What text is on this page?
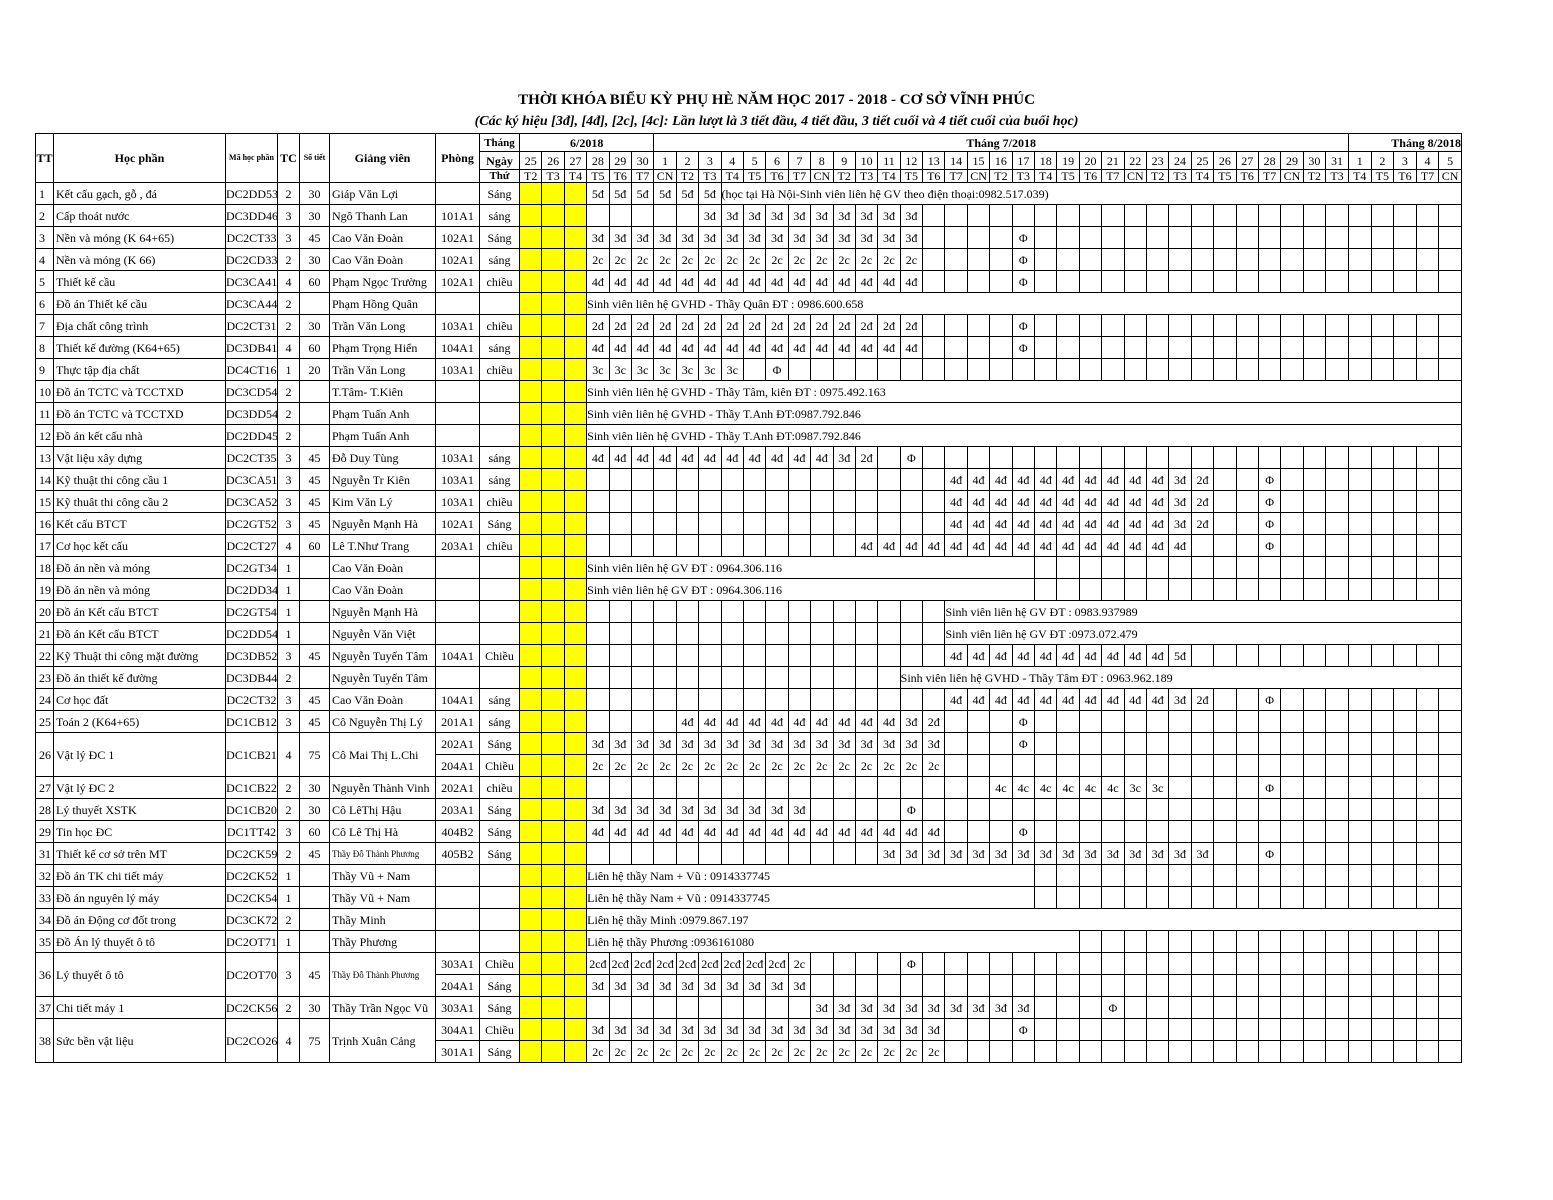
THỜI KHÓA BIỂU KỲ PHỤ HÈ NĂM HỌC 2017 - 2018 - CƠ SỞ VĨNH PHÚC
(Các ký hiệu [3đ], [4đ], [2c], [4c]: Lần lượt là 3 tiết đầu, 4 tiết đầu, 3 tiết cuối và 4 tiết cuối của buổi học)
TT	Học phần	Mã học phần	TC	Số tiết	Giảng viên	Phòng	Tháng	6/2018						Tháng 7/2018																															Tháng 8/2018				
							Ngày	25	26	27	28	29	30	1	2	3	4	5	6	7	8	9	10	11	12	13	14	15	16	17	18	19	20	21	22	23	24	25	26	27	28	29	30	31	1	2	3	4	5
							Thứ	T2	T3	T4	T5	T6	T7	CN	T2	T3	T4	T5	T6	T7	CN	T2	T3	T4	T5	T6	T7	CN	T2	T3	T4	T5	T6	T7	CN	T2	T3	T4	T5	T6	T7	CN	T2	T3	T4	T5	T6	T7	CN
1	Kết cấu gạch, gỗ , đá	DC2DD53	2	30	Giáp Văn Lợi		Sáng				5đ	5đ	5đ	5đ	5đ	5đ	(học tại Hà Nội-Sinh viên liên hệ GV theo điện thoại:0982.517.039)																																
2	Cấp thoát nước	DC3DD46	3	30	Ngô Thanh Lan	101A1	sáng									3đ	3đ	3đ	3đ	3đ	3đ	3đ	3đ	3đ	3đ																								
3	Nền và móng (K 64+65)	DC2CT33	3	45	Cao Văn Đoàn	102A1	Sáng				3đ	3đ	3đ	3đ	3đ	3đ	3đ	3đ	3đ	3đ	3đ	3đ	3đ	3đ	3đ					Φ																			
4	Nền và móng (K 66)	DC2CD33	2	30	Cao Văn Đoàn	102A1	sáng				2c	2c	2c	2c	2c	2c	2c	2c	2c	2c	2c	2c	2c	2c	2c					Φ																			
5	Thiết kế cầu	DC3CA41	4	60	Phạm Ngọc Trường	102A1	chiều				4đ	4đ	4đ	4đ	4đ	4đ	4đ	4đ	4đ	4đ	4đ	4đ	4đ	4đ	4đ					Φ																			
6	Đồ án Thiết kế cầu	DC3CA44	2		Phạm Hồng Quân						Sinh viên liên hệ GVHD - Thầy Quân ĐT : 0986.600.658																																						
7	Địa chất công trình	DC2CT31	2	30	Trần Văn Long	103A1	chiều				2đ	2đ	2đ	2đ	2đ	2đ	2đ	2đ	2đ	2đ	2đ	2đ	2đ	2đ	2đ					Φ																			
8	Thiết kế đường (K64+65)	DC3DB41	4	60	Phạm Trọng Hiển	104A1	sáng				4đ	4đ	4đ	4đ	4đ	4đ	4đ	4đ	4đ	4đ	4đ	4đ	4đ	4đ	4đ					Φ																			
9	Thực tập địa chất	DC4CT16	1	20	Trần Văn Long	103A1	chiều				3c	3c	3c	3c	3c	3c	3c		Φ																														
10	Đồ án TCTC và TCCTXD	DC3CD54	2		T.Tâm- T.Kiên						Sinh viên liên hệ GVHD - Thầy Tâm, kiên ĐT : 0975.492.163																																						
11	Đồ án TCTC và TCCTXD	DC3DD54	2		Phạm Tuấn Anh						Sinh viên liên hệ GVHD - Thầy T.Anh ĐT:0987.792.846																																						
12	Đồ án kết cấu nhà	DC2DD45	2		Phạm Tuấn Anh						Sinh viên liên hệ GVHD - Thầy T.Anh ĐT:0987.792.846																																						
13	Vật liệu xây dựng	DC2CT35	3	45	Đỗ Duy Tùng	103A1	sáng				4đ	4đ	4đ	4đ	4đ	4đ	4đ	4đ	4đ	4đ	4đ	3đ	2đ		Φ																								
14	Kỹ thuật thi công cầu 1	DC3CA51	3	45	Nguyễn Tr Kiên	103A1	sáng																				4đ	4đ	4đ	4đ	4đ	4đ	4đ	4đ	4đ	4đ	3đ	2đ			Φ								
15	Kỹ thuât thi công cầu 2	DC3CA52	3	45	Kim Văn Lý	103A1	chiều																				4đ	4đ	4đ	4đ	4đ	4đ	4đ	4đ	4đ	4đ	3đ	2đ			Φ								
16	Kết cấu BTCT	DC2GT52	3	45	Nguyễn Mạnh Hà	102A1	Sáng																				4đ	4đ	4đ	4đ	4đ	4đ	4đ	4đ	4đ	4đ	3đ	2đ			Φ								
17	Cơ học kết cấu	DC2CT27	4	60	Lê T.Như Trang	203A1	chiều																4đ	4đ	4đ	4đ	4đ	4đ	4đ	4đ	4đ	4đ	4đ	4đ	4đ	4đ	4đ				Φ								
18	Đồ án nền và móng	DC2GT34	1		Cao Văn Đoàn						Sinh viên liên hệ GV ĐT : 0964.306.116																																						
19	Đồ án nền và móng	DC2DD34	1		Cao Văn Đoàn						Sinh viên liên hệ GV ĐT : 0964.306.116																																						
20	Đồ án Kết cấu BTCT	DC2GT54	1		Nguyễn Mạnh Hà																						Sinh viên liên hệ GV ĐT : 0983.937989																						
21	Đồ án Kết cấu BTCT	DC2DD54	1		Nguyễn Văn Việt																						Sinh viên liên hệ GV ĐT :0973.072.479																						
22	Kỹ Thuật thi công mặt đường	DC3DB52	3	45	Nguyễn Tuyến Tâm	104A1	Chiều																				4đ	4đ	4đ	4đ	4đ	4đ	4đ	4đ	4đ	4đ	5đ												
23	Đồ án thiết kế đường	DC3DB44	2		Nguyễn Tuyến Tâm																				Sinh viên liên hệ GVHD - Thầy Tâm ĐT : 0963.962.189																								
24	Cơ học đất	DC2CT32	3	45	Cao Văn Đoàn	104A1	sáng																				4đ	4đ	4đ	4đ	4đ	4đ	4đ	4đ	4đ	4đ	3đ	2đ			Φ								
25	Toán 2 (K64+65)	DC1CB12	3	45	Cô Nguyễn Thị Lý	201A1	sáng								4đ	4đ	4đ	4đ	4đ	4đ	4đ	4đ	4đ	4đ	3đ	2đ				Φ																			
26	Vật lý ĐC 1	DC1CB21	4	75	Cô Mai Thị L.Chi	202A1	Sáng				3đ	3đ	3đ	3đ	3đ	3đ	3đ	3đ	3đ	3đ	3đ	3đ	3đ	3đ	3đ	3đ				Φ																			
						204A1	Chiều				2c	2c	2c	2c	2c	2c	2c	2c	2c	2c	2c	2c	2c	2c	2c	2c																							
27	Vật lý ĐC 2	DC1CB22	2	30	Nguyễn Thành Vinh	202A1	chiều																						4c	4c	4c	4c	4c	4c	3c	3c					Φ								
28	Lý thuyết XSTK	DC1CB20	2	30	Cô LêThị Hậu	203A1	Sáng				3đ	3đ	3đ	3đ	3đ	3đ	3đ	3đ	3đ	3đ					Φ																								
29	Tin học ĐC	DC1TT42	3	60	Cô Lê Thị Hà	404B2	Sáng				4đ	4đ	4đ	4đ	4đ	4đ	4đ	4đ	4đ	4đ	4đ	4đ	4đ	4đ	4đ	4đ				Φ																			
31	Thiết kế cơ sở trên MT	DC2CK59	2	45	Thầy Đỗ Thành Phương	405B2	Sáng																	3đ	3đ	3đ	3đ	3đ	3đ	3đ	3đ	3đ	3đ	3đ	3đ	3đ	3đ	3đ			Φ								
32	Đồ án TK chi tiết máy	DC2CK52	1		Thầy Vũ + Nam						Liên hệ thầy Nam + Vũ : 0914337745																																						
33	Đồ án nguyên lý máy	DC2CK54	1		Thầy Vũ + Nam						Liên hệ thầy Nam + Vũ : 0914337745																																						
34	Đồ án Động cơ đốt trong	DC3CK72	2		Thầy Minh						Liên hệ thầy Minh :0979.867.197																																						
35	Đồ Án lý thuyết ô tô	DC2OT71	1		Thầy Phương						Liên hệ thầy Phương :0936161080																																						
36	Lý thuyết ô tô	DC2OT70	3	45	Thầy Đỗ Thành Phương	303A1	Chiều				2cđ	2cđ	2cđ	2cđ	2cđ	2cđ	2cđ	2cđ	2cđ	2c					Φ																								
						204A1	Sáng				3đ	3đ	3đ	3đ	3đ	3đ	3đ	3đ	3đ	3đ																													
37	Chi tiết máy 1	DC2CK56	2	30	Thầy Trần Ngọc Vũ	303A1	Sáng														3đ	3đ	3đ	3đ	3đ	3đ	3đ	3đ	3đ	3đ				Φ															
38	Sức bền vật liệu	DC2CO26	4	75	Trịnh Xuân Cảng	304A1	Chiều				3đ	3đ	3đ	3đ	3đ	3đ	3đ	3đ	3đ	3đ	3đ	3đ	3đ	3đ	3đ	3đ				Φ																			
						301A1	Sáng				2c	2c	2c	2c	2c	2c	2c	2c	2c	2c	2c	2c	2c	2c	2c	2c																							
